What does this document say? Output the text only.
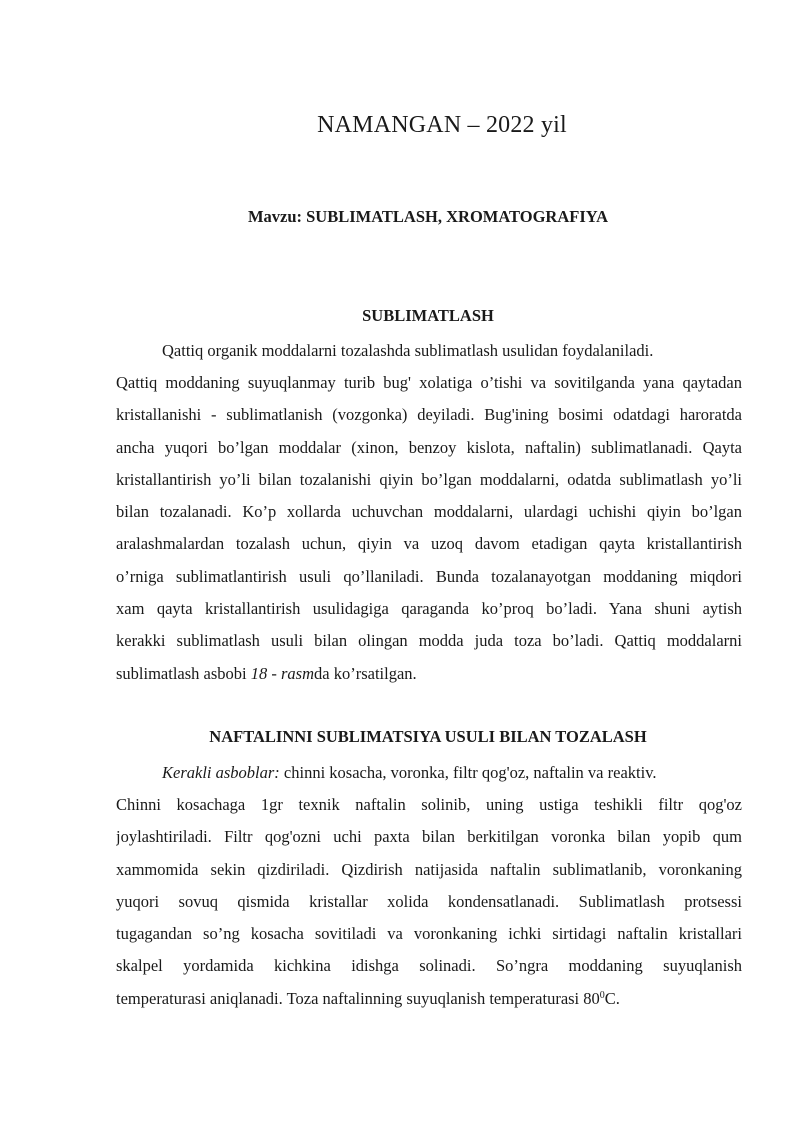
NAMANGAN – 2022 yil
Mavzu: SUBLIMATLASH, XROMATOGRAFIYA
SUBLIMATLASH
Qattiq organik moddalarni tozalashda sublimatlash usulidan foydalaniladi.
Qattiq moddaning suyuqlanmay turib bug' xolatiga o’tishi va sovitilganda yana qaytadan
kristallanishi - sublimatlanish (vozgonka) deyiladi. Bug'ining bosimi odatdagi haroratda
ancha yuqori bo’lgan moddalar (xinon, benzoy kislota, naftalin) sublimatlanadi. Qayta
kristallantirish yo’li bilan tozalanishi qiyin bo’lgan moddalarni, odatda sublimatlash yo’li
bilan tozalanadi. Ko’p xollarda uchuvchan moddalarni, ulardagi uchishi qiyin bo’lgan
aralashmalardan tozalash uchun, qiyin va uzoq davom etadigan qayta kristallantirish
o’rniga sublimatlantirish usuli qo’llaniladi. Bunda tozalanayotgan moddaning miqdori
xam qayta kristallantirish usulidagiga qaraganda ko’proq bo’ladi. Yana shuni aytish
kerakki sublimatlash usuli bilan olingan modda juda toza bo’ladi. Qattiq moddalarni
sublimatlash asbobi 18 - rasmda ko’rsatilgan.
NAFTALINNI SUBLIMATSIYA USULI BILAN TOZALASH
Kerakli asboblar: chinni kosacha, voronka, filtr qog'oz, naftalin va reaktiv.
Chinni kosachaga 1gr texnik naftalin solinib, uning ustiga teshikli filtr qog'oz
joylashtiriladi. Filtr qog'ozni uchi paxta bilan berkitilgan voronka bilan yopib qum
xammomida sekin qizdiriladi. Qizdirish natijasida naftalin sublimatlanib, voronkaning
yuqori sovuq qismida kristallar xolida kondensatlanadi. Sublimatlash protsessi
tugagandan so’ng kosacha sovitiladi va voronkaning ichki sirtidagi naftalin kristallari
skalpel yordamida kichkina idishga solinadi. So’ngra moddaning suyuqlanish
temperaturasi aniqlanadi. Toza naftalinning suyuqlanish temperaturasi $80^0C$.
